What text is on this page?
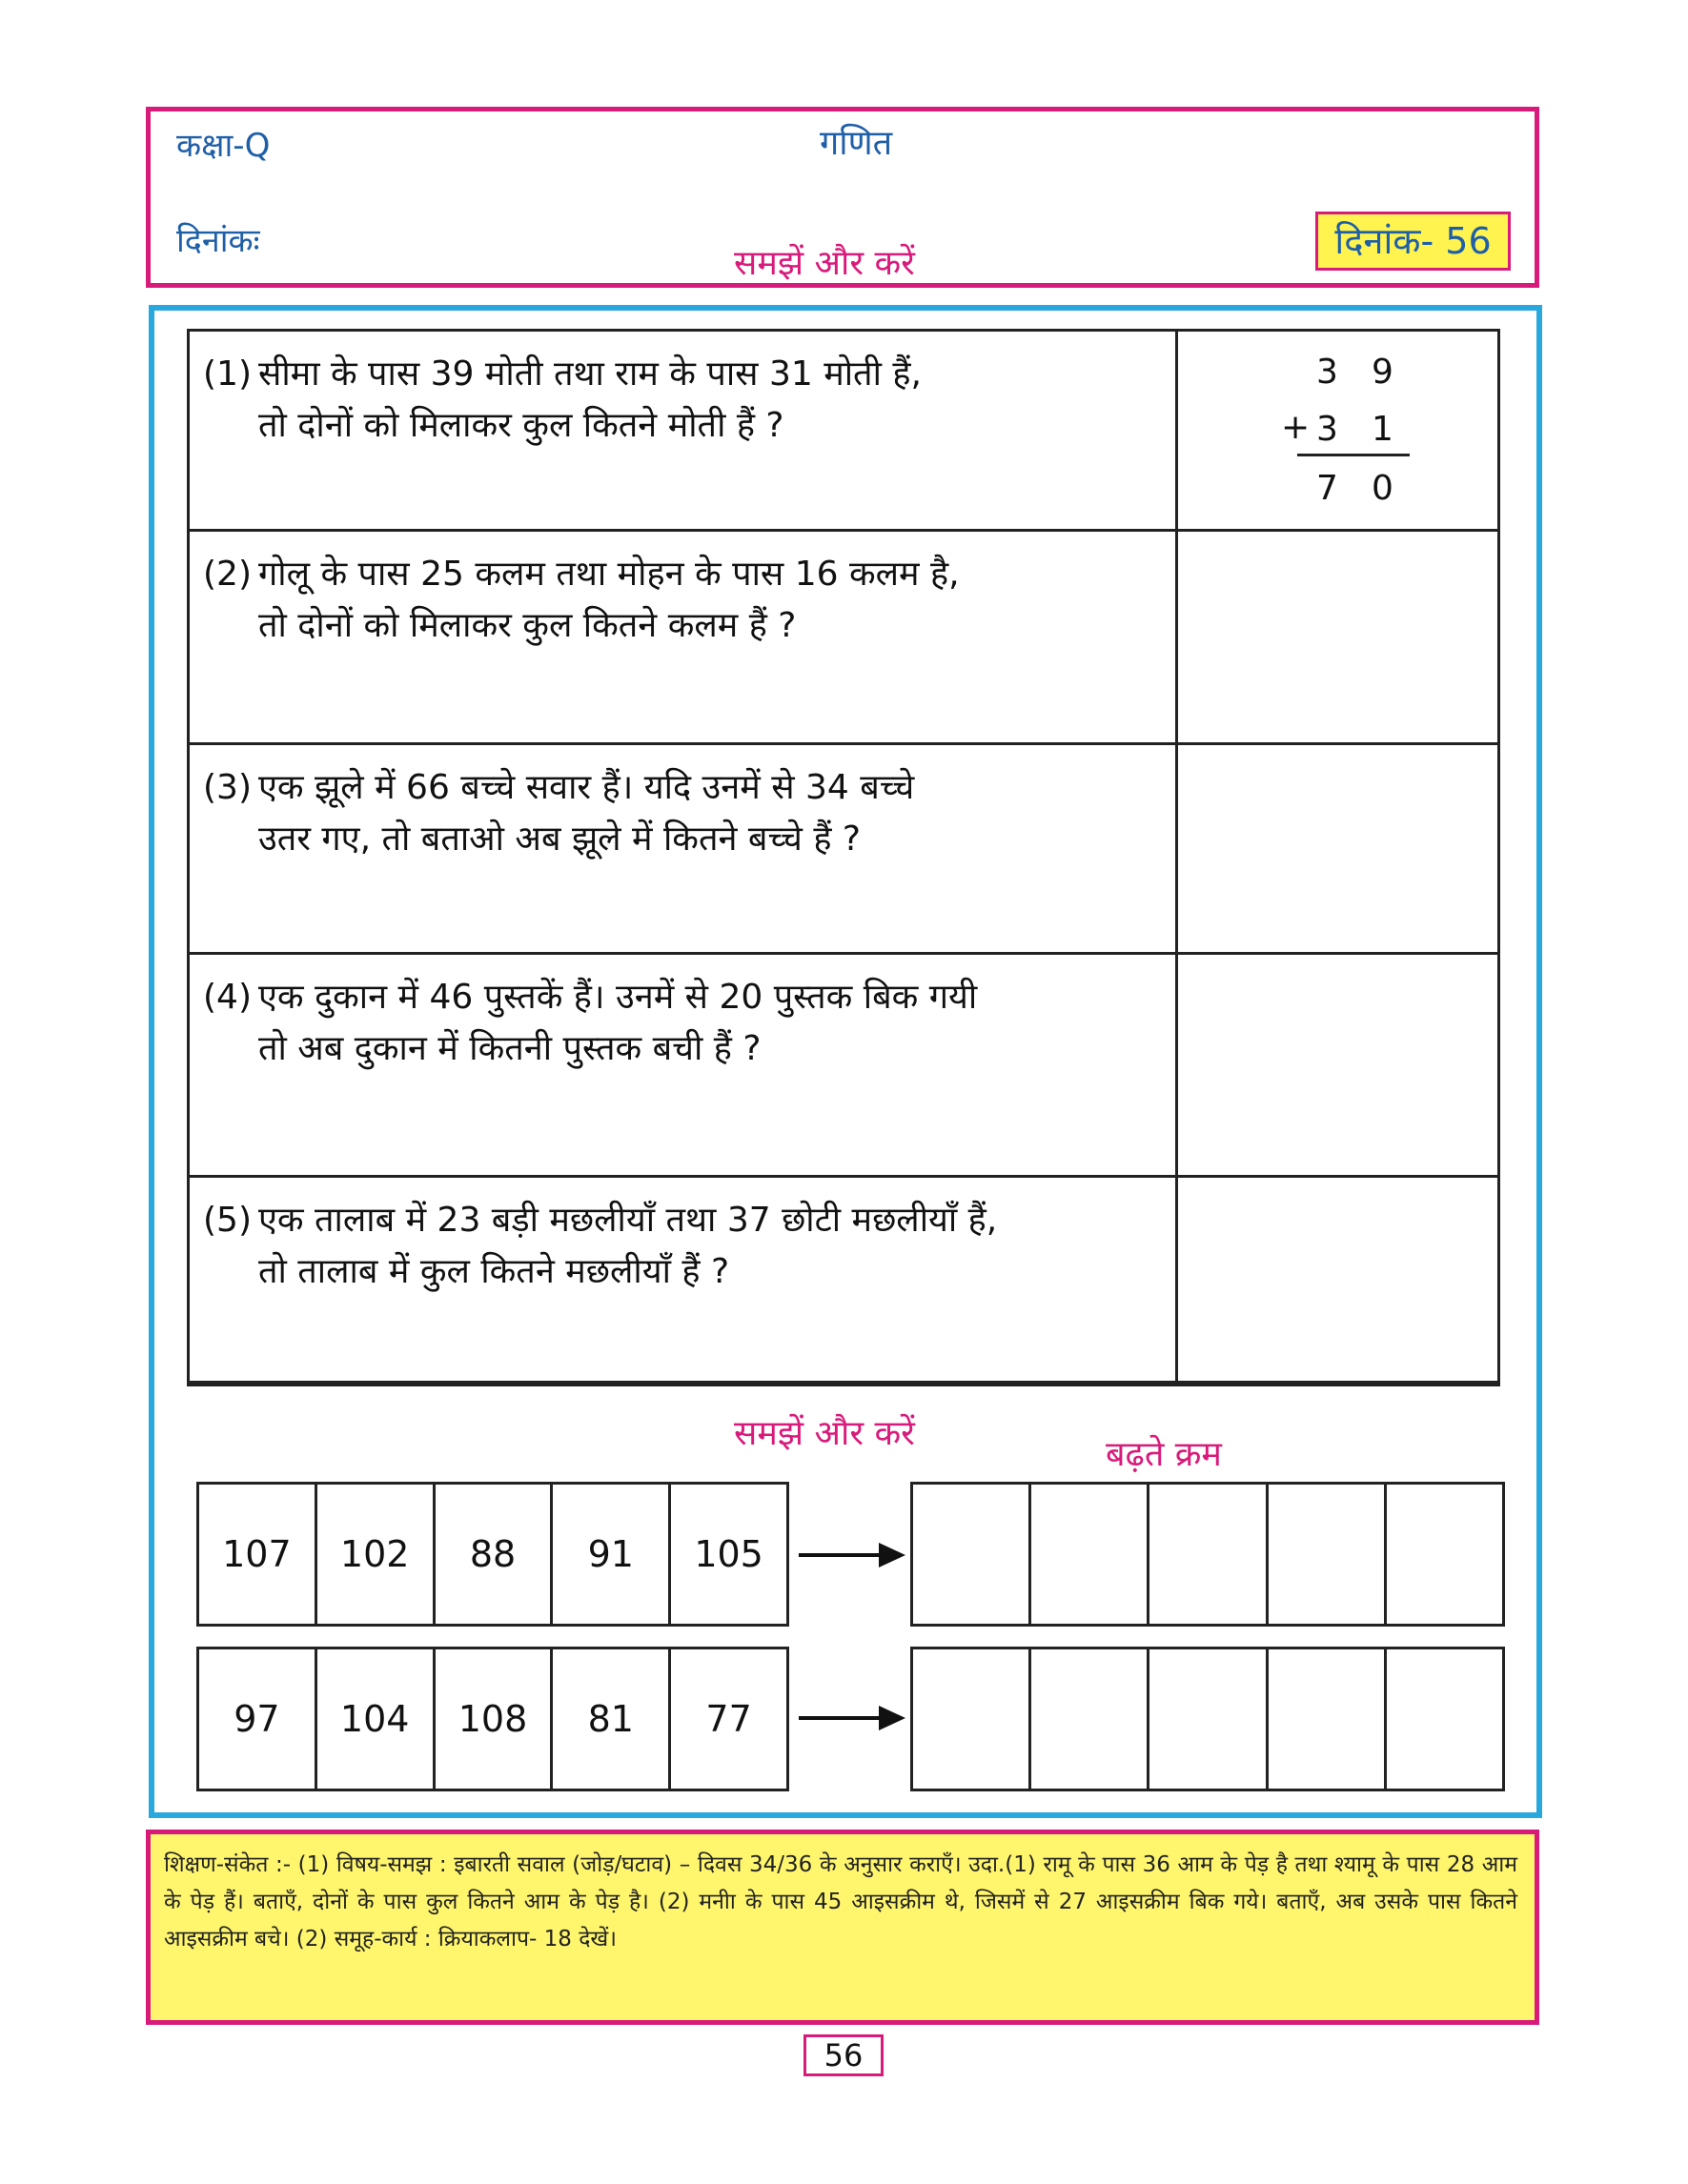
कक्षा-Q	गणित
दिनांकः	दिनांक- 56
समझें और करें
(1) सीमा के पास 39 मोती तथा राम के पास 31 मोती हैं,
तो दोनों को मिलाकर कुल कितने मोती हैं ?
3 9
+ 3 1
7 0
(2) गोलू के पास 25 कलम तथा मोहन के पास 16 कलम है,
तो दोनों को मिलाकर कुल कितने कलम हैं ?
(3) एक झूले में 66 बच्चे सवार हैं। यदि उनमें से 34 बच्चे
उतर गए, तो बताओ अब झूले में कितने बच्चे हैं ?
(4) एक दुकान में 46 पुस्तकें हैं। उनमें से 20 पुस्तक बिक गयी
तो अब दुकान में कितनी पुस्तक बची हैं ?
(5) एक तालाब में 23 बड़ी मछलीयाँ तथा 37 छोटी मछलीयाँ हैं,
तो तालाब में कुल कितने मछलीयाँ हैं ?
समझें और करें
बढ़ते क्रम
107	102	88	91	105
97	104	108	81	77
शिक्षण-संकेत :- (1) विषय-समझ : इबारती सवाल (जोड़/घटाव) – दिवस 34/36 के अनुसार कराएँ। उदा.(1) रामू के पास 36 आम के पेड़ है तथा श्यामू के पास 28 आम के पेड़ हैं। बताएँ, दोनों के पास कुल कितने आम के पेड़ है। (2) मनीा के पास 45 आइसक्रीम थे, जिसमें से 27 आइसक्रीम बिक गये। बताएँ, अब उसके पास कितने आइसक्रीम बचे। (2) समूह-कार्य : क्रियाकलाप- 18 देखें।
56
